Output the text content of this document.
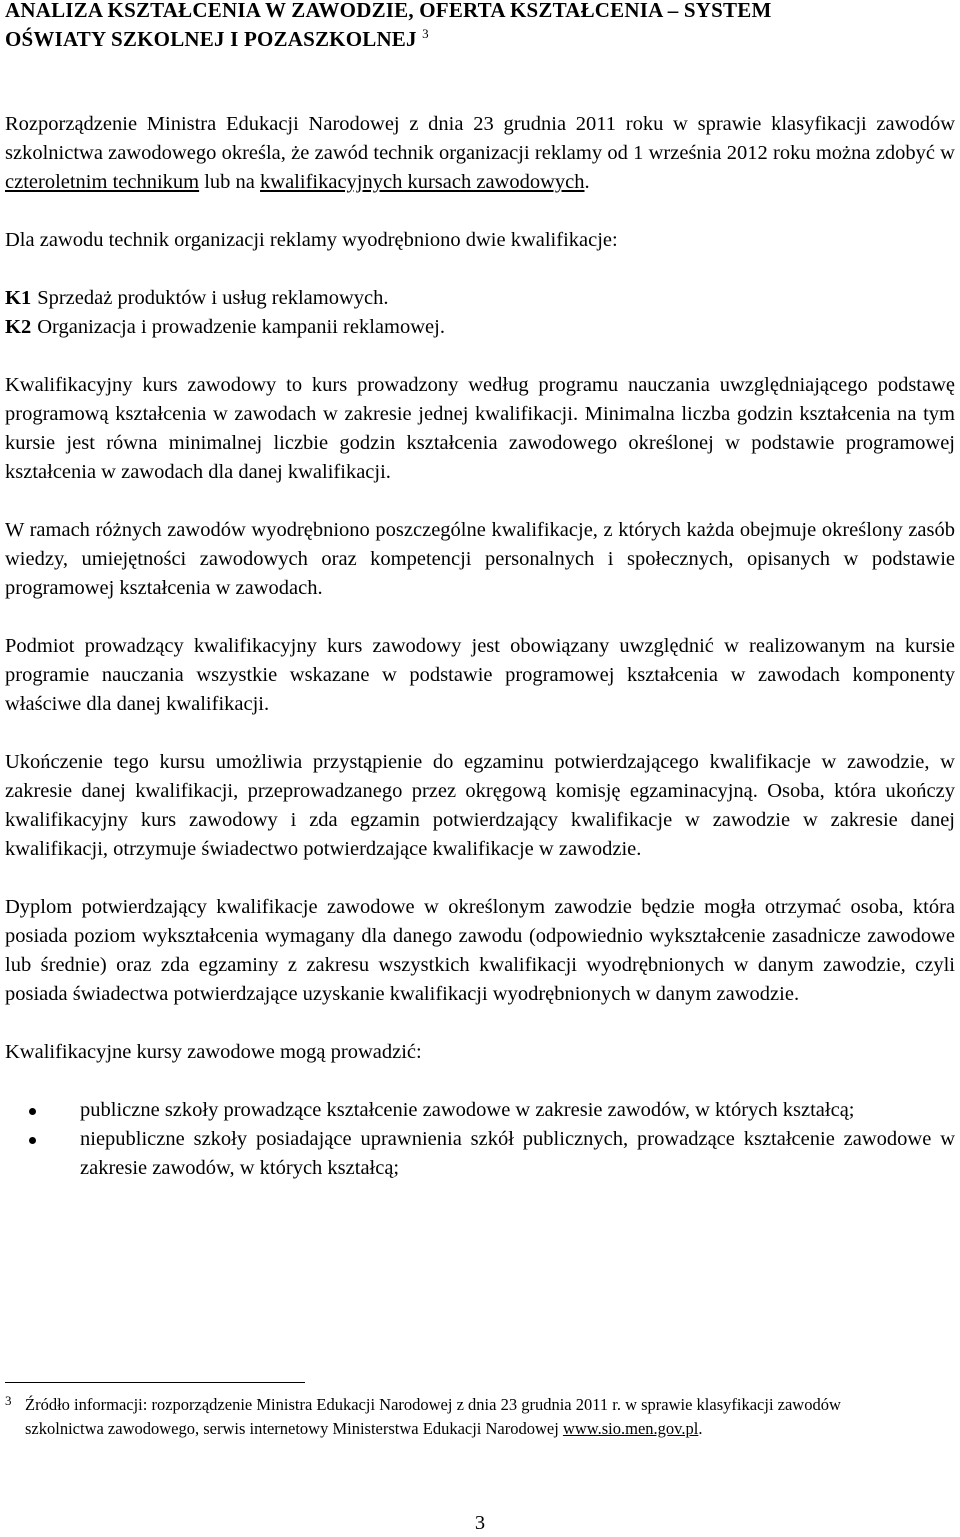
ANALIZA KSZTAŁCENIA W ZAWODZIE, OFERTA KSZTAŁCENIA – SYSTEM
OŚWIATY SZKOLNEJ I POZASZKOLNEJ $^3$

Rozporządzenie Ministra Edukacji Narodowej z dnia 23 grudnia 2011 roku w sprawie klasyfikacji zawodów szkolnictwa zawodowego określa, że zawód technik organizacji reklamy od 1 września 2012 roku można zdobyć w czteroletnim technikum lub na kwalifikacyjnych kursach zawodowych.

Dla zawodu technik organizacji reklamy wyodrębniono dwie kwalifikacje:

K1 Sprzedaż produktów i usług reklamowych.
K2 Organizacja i prowadzenie kampanii reklamowej.

Kwalifikacyjny kurs zawodowy to kurs prowadzony według programu nauczania uwzględniającego podstawę programową kształcenia w zawodach w zakresie jednej kwalifikacji. Minimalna liczba godzin kształcenia na tym kursie jest równa minimalnej liczbie godzin kształcenia zawodowego określonej w podstawie programowej kształcenia w zawodach dla danej kwalifikacji.

W ramach różnych zawodów wyodrębniono poszczególne kwalifikacje, z których każda obejmuje określony zasób wiedzy, umiejętności zawodowych oraz kompetencji personalnych i społecznych, opisanych w podstawie programowej kształcenia w zawodach.

Podmiot prowadzący kwalifikacyjny kurs zawodowy jest obowiązany uwzględnić w realizowanym na kursie programie nauczania wszystkie wskazane w podstawie programowej kształcenia w zawodach komponenty właściwe dla danej kwalifikacji.

Ukończenie tego kursu umożliwia przystąpienie do egzaminu potwierdzającego kwalifikacje w zawodzie, w zakresie danej kwalifikacji, przeprowadzanego przez okręgową komisję egzaminacyjną. Osoba, która ukończy kwalifikacyjny kurs zawodowy i zda egzamin potwierdzający kwalifikacje w zawodzie w zakresie danej kwalifikacji, otrzymuje świadectwo potwierdzające kwalifikacje w zawodzie.

Dyplom potwierdzający kwalifikacje zawodowe w określonym zawodzie będzie mogła otrzymać osoba, która posiada poziom wykształcenia wymagany dla danego zawodu (odpowiednio wykształcenie zasadnicze zawodowe lub średnie) oraz zda egzaminy z zakresu wszystkich kwalifikacji wyodrębnionych w danym zawodzie, czyli posiada świadectwa potwierdzające uzyskanie kwalifikacji wyodrębnionych w danym zawodzie.

Kwalifikacyjne kursy zawodowe mogą prowadzić:

publiczne szkoły prowadzące kształcenie zawodowe w zakresie zawodów, w których kształcą;
niepubliczne szkoły posiadające uprawnienia szkół publicznych, prowadzące kształcenie zawodowe w zakresie zawodów, w których kształcą;
3 Źródło informacji: rozporządzenie Ministra Edukacji Narodowej z dnia 23 grudnia 2011 r. w sprawie klasyfikacji zawodów szkolnictwa zawodowego, serwis internetowy Ministerstwa Edukacji Narodowej www.sio.men.gov.pl.
3
